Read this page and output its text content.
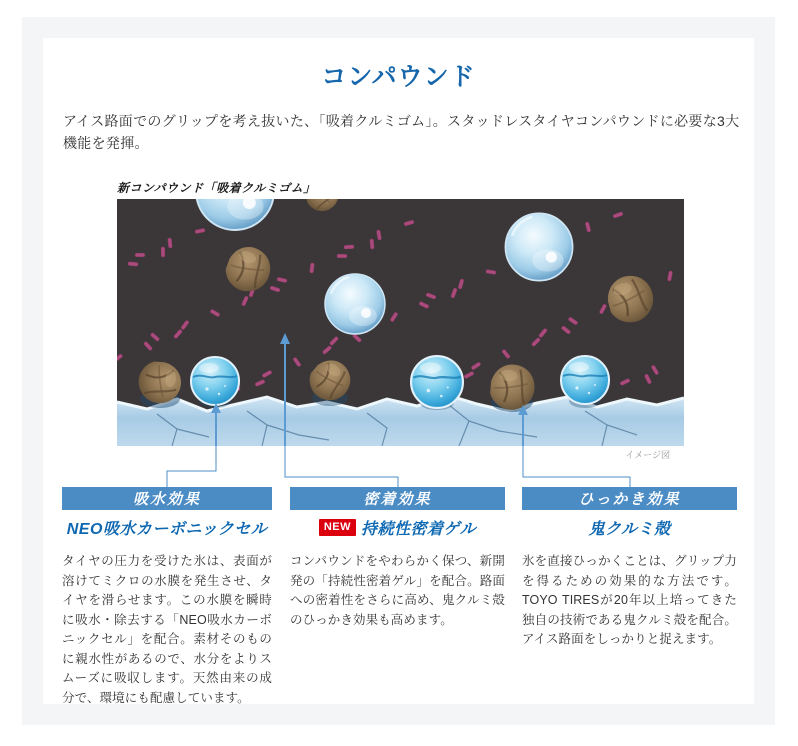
コンパウンド

アイス路面でのグリップを考え抜いた、「吸着クルミゴム」。スタッドレスタイヤコンパウンドに必要な3大機能を発揮。

新コンパウンド「吸着クルミゴム」
イメージ図
吸水効果
NEO吸水カーボニックセル

タイヤの圧力を受けた氷は、表面が溶けてミクロの水膜を発生させ、タイヤを滑らせます。この水膜を瞬時に吸水・除去する「NEO吸水カーボニックセル」を配合。素材そのものに親水性があるので、水分をよりスムーズに吸収します。天然由来の成分で、環境にも配慮しています。

密着効果
NEW 持続性密着ゲル

コンパウンドをやわらかく保つ、新開発の「持続性密着ゲル」を配合。路面への密着性をさらに高め、鬼クルミ殻のひっかき効果も高めます。

ひっかき効果
鬼クルミ殻

氷を直接ひっかくことは、グリップ力を得るための効果的な方法です。TOYO TIRESが20年以上培ってきた独自の技術である鬼クルミ殻を配合。アイス路面をしっかりと捉えます。
